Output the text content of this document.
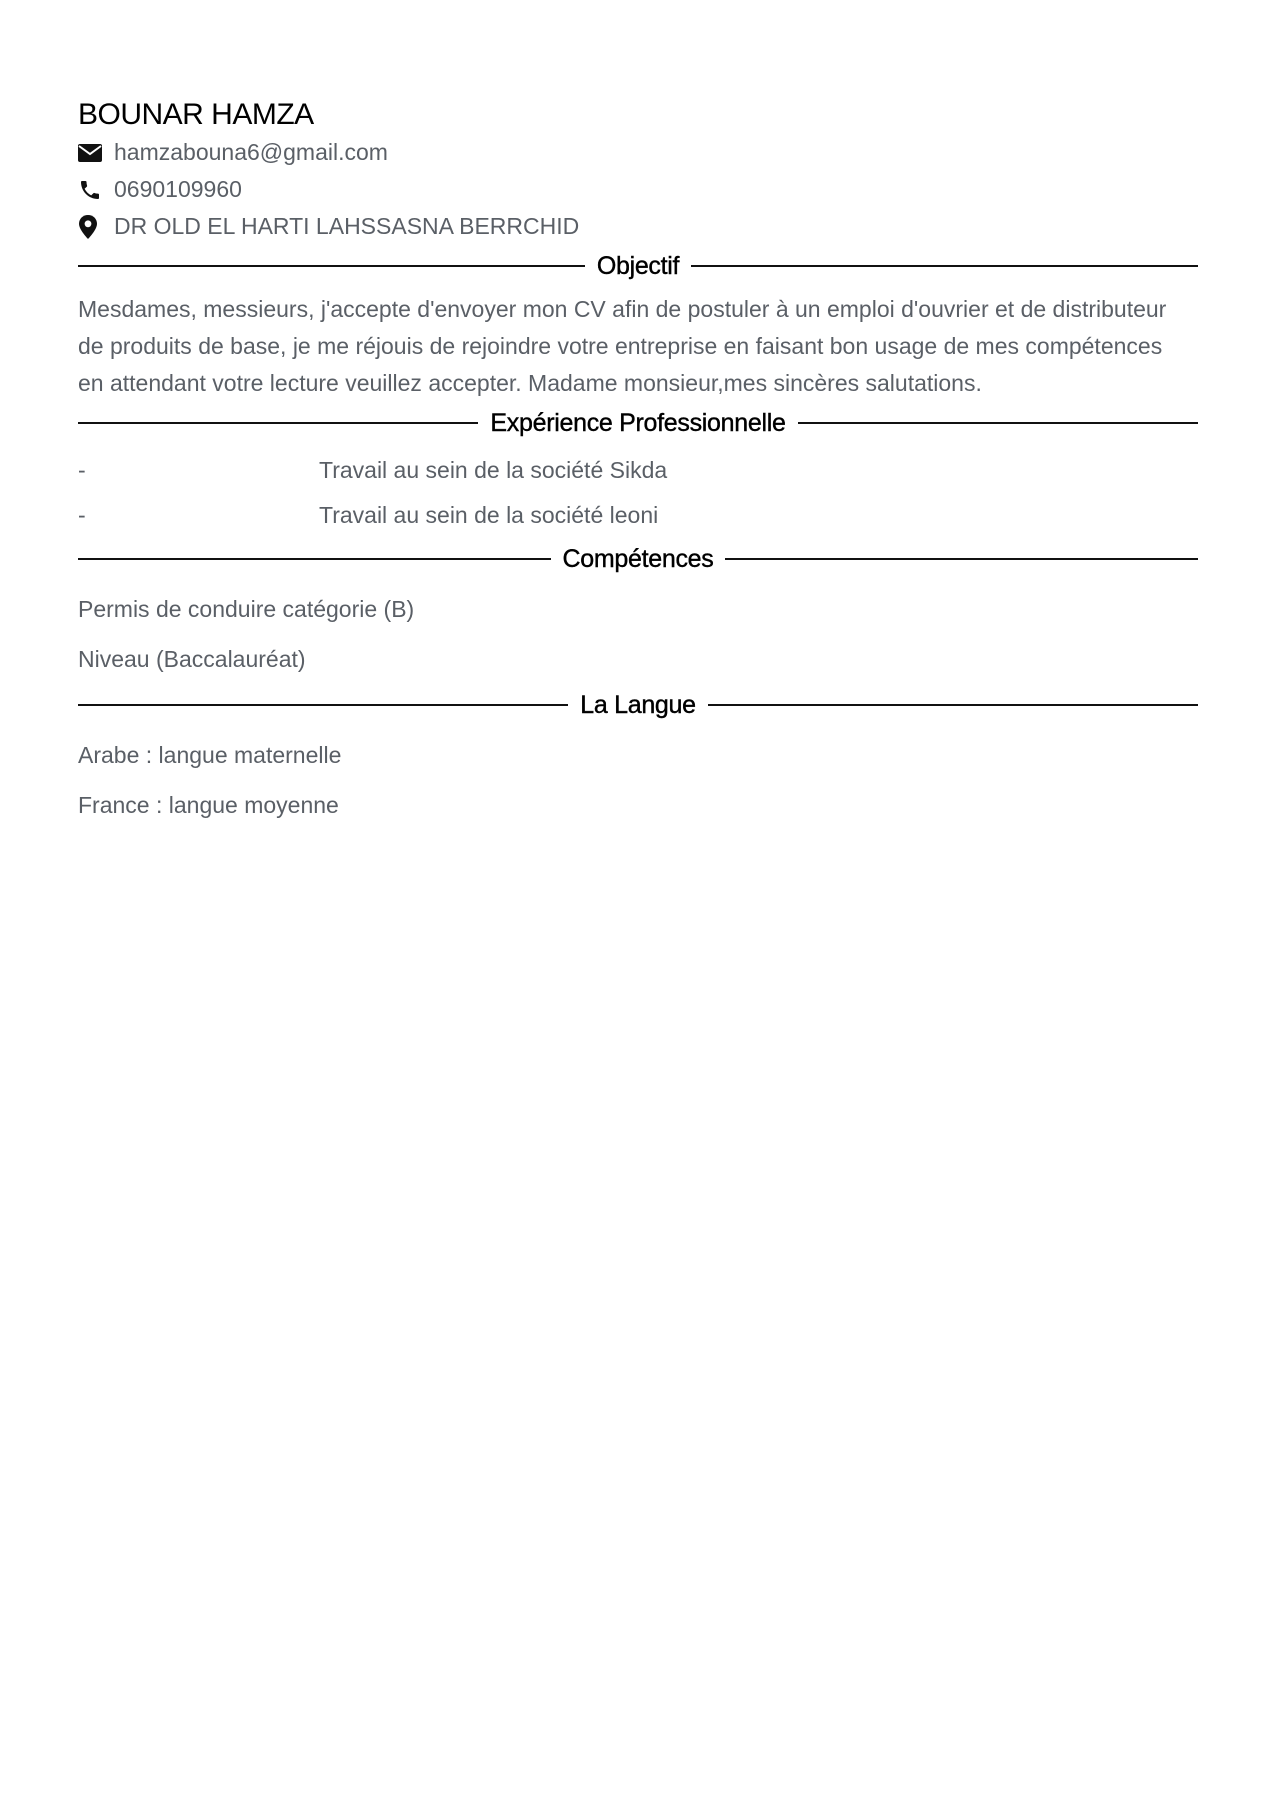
BOUNAR HAMZA
hamzabouna6@gmail.com
0690109960
DR OLD EL HARTI LAHSSASNA BERRCHID
Objectif

Mesdames, messieurs, j'accepte d'envoyer mon CV afin de postuler à un emploi d'ouvrier et de distributeur de produits de base, je me réjouis de rejoindre votre entreprise en faisant bon usage de mes compétences en attendant votre lecture veuillez accepter. Madame monsieur,mes sincères salutations.

Expérience Professionnelle
-	Travail au sein de la société Sikda
-	Travail au sein de la société leoni
Compétences
Permis de conduire catégorie (B)
Niveau (Baccalauréat)
La Langue
Arabe : langue maternelle
France : langue moyenne
